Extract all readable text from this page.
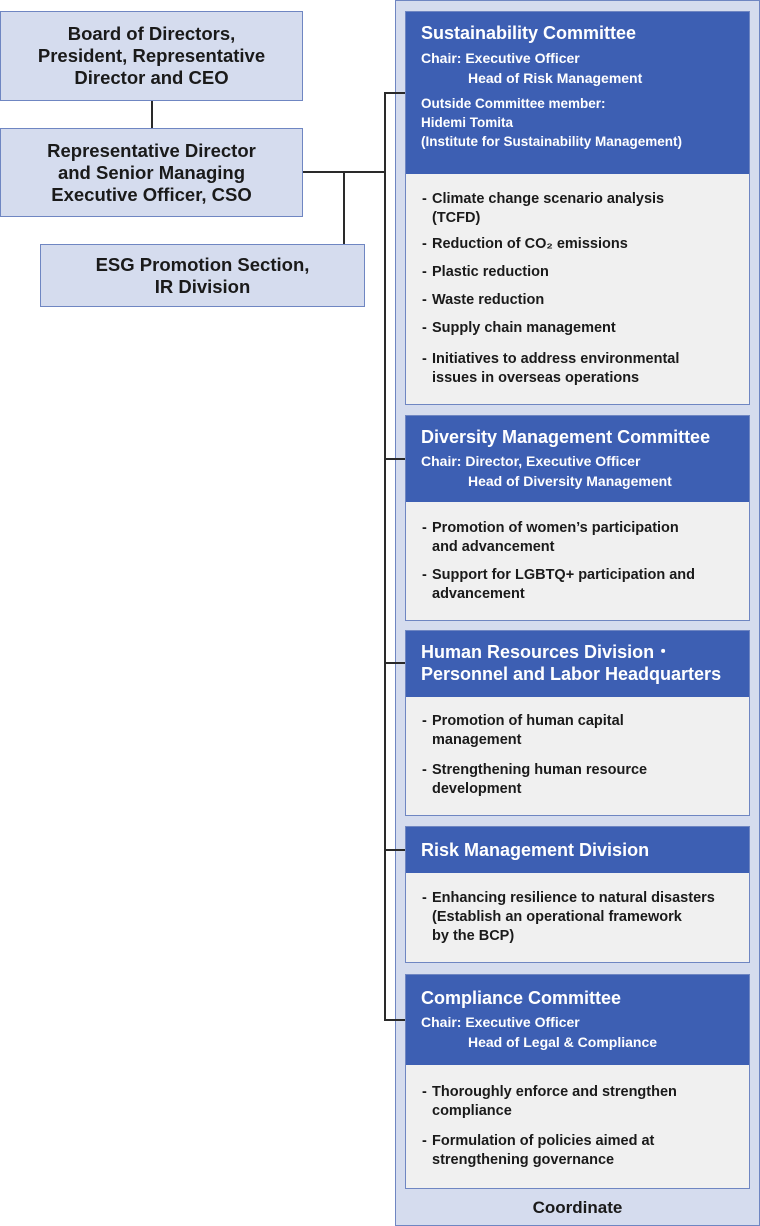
Board of Directors,
President, Representative
Director and CEO
Representative Director
and Senior Managing
Executive Officer, CSO
ESG Promotion Section,
IR Division
Sustainability Committee
Chair: Executive Officer
Head of Risk Management
Outside Committee member:
Hidemi Tomita
(Institute for Sustainability Management)
- Climate change scenario analysis
(TCFD)
- Reduction of CO₂ emissions
- Plastic reduction
- Waste reduction
- Supply chain management
- Initiatives to address environmental
issues in overseas operations
Diversity Management Committee
Chair: Director, Executive Officer
Head of Diversity Management
- Promotion of women’s participation
and advancement
- Support for LGBTQ+ participation and
advancement
Human Resources Division・
Personnel and Labor Headquarters
- Promotion of human capital
management
- Strengthening human resource
development
Risk Management Division
- Enhancing resilience to natural disasters
(Establish an operational framework
by the BCP)
Compliance Committee
Chair: Executive Officer
Head of Legal & Compliance
- Thoroughly enforce and strengthen
compliance
- Formulation of policies aimed at
strengthening governance
Coordinate
